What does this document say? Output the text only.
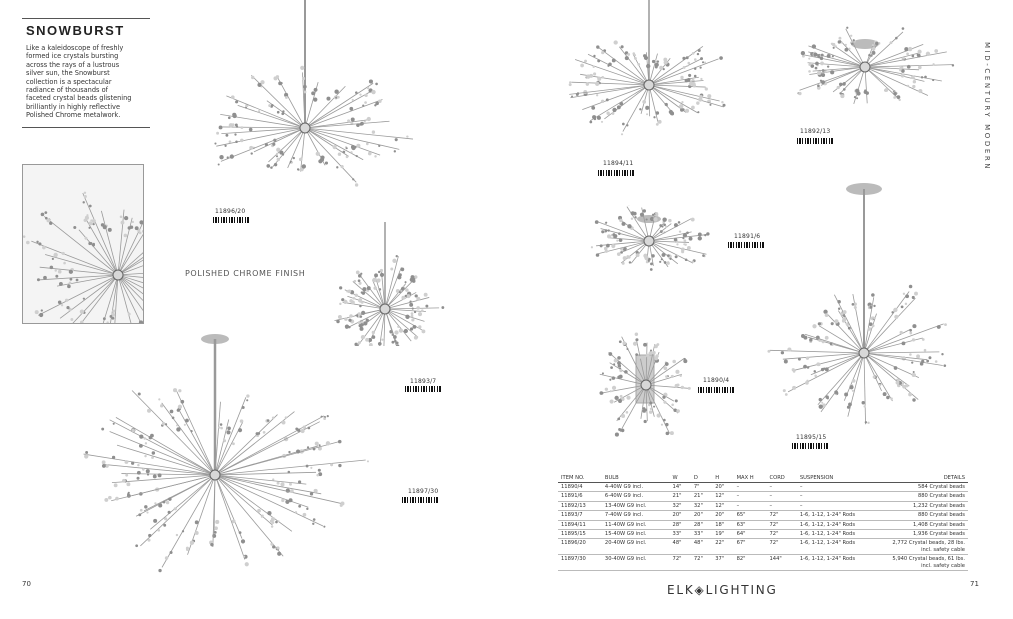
SNOWBURST
Like a kaleidoscope of freshly
formed ice crystals bursting
across the rays of a lustrous
silver sun, the Snowburst
collection is a spectacular
radiance of thousands of
faceted crystal beads glistening
brilliantly in highly reflective
Polished Chrome metalwork.
11896/20
POLISHED CHROME FINISH
11893/7
11897/30
70
11894/11
11892/13
11891/6
11890/4
11895/15
MID-CENTURY MODERN
ITEM NO.	BULB	W	D	H	MAX H	CORD	SUSPENSION	DETAILS
11890/4	4-40W G9 incl.	14"	7"	20"	–	–	–	584 Crystal beads
11891/6	6-40W G9 incl.	21"	21"	12"	–	–	–	880 Crystal beads
11892/13	13-40W G9 incl.	32"	32"	12"	–	–	–	1,232 Crystal beads
11893/7	7-40W G9 incl.	20"	20"	20"	65"	72"	1-6, 1-12, 1-24" Rods	880 Crystal beads
11894/11	11-40W G9 incl.	28"	28"	18"	63"	72"	1-6, 1-12, 1-24" Rods	1,408 Crystal beads
11895/15	15-40W G9 incl.	33"	33"	19"	64"	72"	1-6, 1-12, 1-24" Rods	1,936 Crystal beads
11896/20	20-40W G9 incl.	48"	48"	22"	67"	72"	1-6, 1-12, 1-24" Rods	2,772 Crystal beads, 28 lbs. incl. safety cable
11897/30	30-40W G9 incl.	72"	72"	37"	82"	144"	1-6, 1-12, 1-24" Rods	5,940 Crystal beads, 61 lbs. incl. safety cable
ELK◈LIGHTING	71
